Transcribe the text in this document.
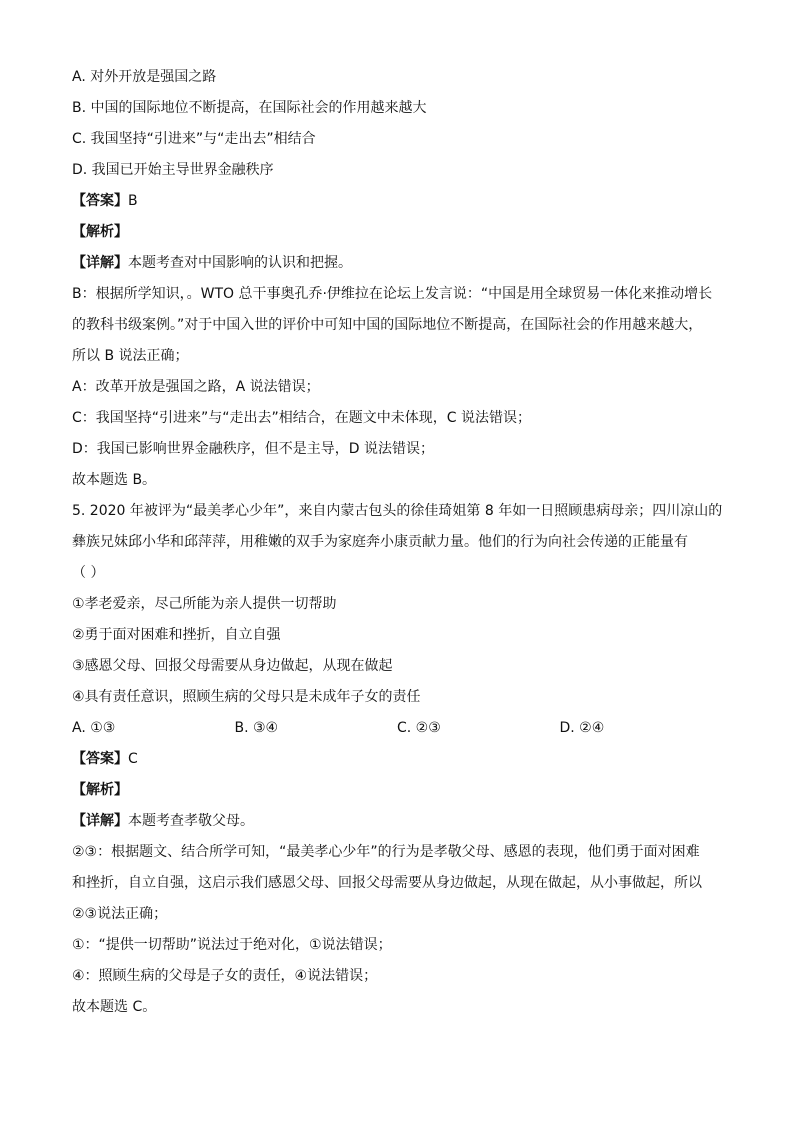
A. 对外开放是强国之路
B. 中国的国际地位不断提高，在国际社会的作用越来越大
C. 我国坚持“引进来”与“走出去”相结合
D. 我国已开始主导世界金融秩序
【答案】B
【解析】
【详解】本题考查对中国影响的认识和把握。
B：根据所学知识，。WTO 总干事奥孔乔·伊维拉在论坛上发言说：“中国是用全球贸易一体化来推动增长
的教科书级案例。”对于中国入世的评价中可知中国的国际地位不断提高，在国际社会的作用越来越大，
所以 B 说法正确；
A：改革开放是强国之路，A 说法错误；
C：我国坚持“引进来”与“走出去”相结合，在题文中未体现，C 说法错误；
D：我国已影响世界金融秩序，但不是主导，D 说法错误；
故本题选 B。
5. 2020 年被评为“最美孝心少年”，来自内蒙古包头的徐佳琦姐第 8 年如一日照顾患病母亲；四川凉山的
彝族兄妹邱小华和邱萍萍，用稚嫩的双手为家庭奔小康贡献力量。他们的行为向社会传递的正能量有
（ ）
①孝老爱亲，尽己所能为亲人提供一切帮助
②勇于面对困难和挫折，自立自强
③感恩父母、回报父母需要从身边做起，从现在做起
④具有责任意识，照顾生病的父母只是未成年子女的责任
A. ①③	B. ③④	C. ②③	D. ②④
【答案】C
【解析】
【详解】本题考查孝敬父母。
②③：根据题文、结合所学可知，“最美孝心少年”的行为是孝敬父母、感恩的表现，他们勇于面对困难
和挫折，自立自强，这启示我们感恩父母、回报父母需要从身边做起，从现在做起，从小事做起，所以
②③说法正确；
①：“提供一切帮助”说法过于绝对化，①说法错误；
④：照顾生病的父母是子女的责任，④说法错误；
故本题选 C。
